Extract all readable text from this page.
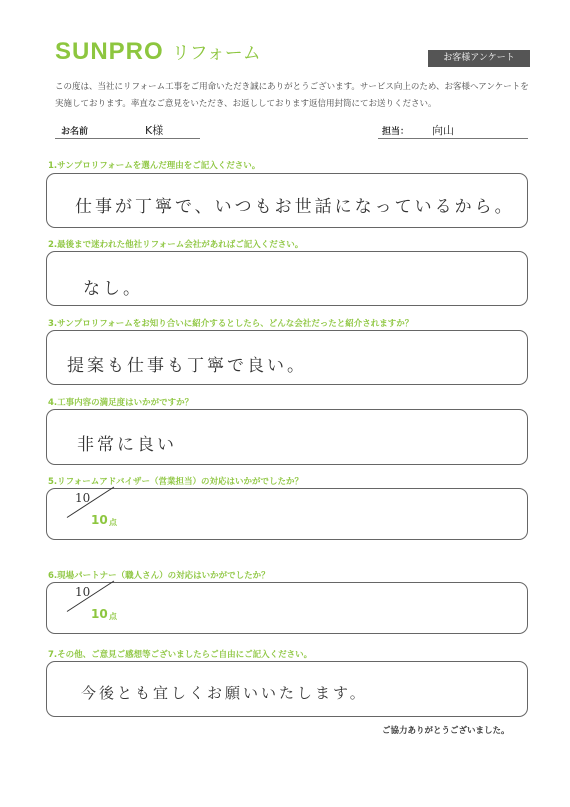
SUNPRO リフォーム	お客様アンケート
この度は、当社にリフォーム工事をご用命いただき誠にありがとうございます。サービス向上のため、お客様へアンケートを実施しております。率直なご意見をいただき、お返ししております返信用封筒にてお送りください。
お名前	K様	担当： 向山
1.サンプロリフォームを選んだ理由をご記入ください。
仕事が丁寧で、いつもお世話になっているから。
2.最後まで迷われた他社リフォーム会社があればご記入ください。
なし。
3.サンプロリフォームをお知り合いに紹介するとしたら、どんな会社だったと紹介されますか？
提案も仕事も丁寧で良い。
4.工事内容の満足度はいかがですか？
非常に良い
5.リフォームアドバイザー（営業担当）の対応はいかがでしたか？
10
10 点
6.現場パートナー（職人さん）の対応はいかがでしたか？
10
10 点
7.その他、ご意見ご感想等ございましたらご自由にご記入ください。
今後とも宜しくお願いいたします。
ご協力ありがとうございました。
